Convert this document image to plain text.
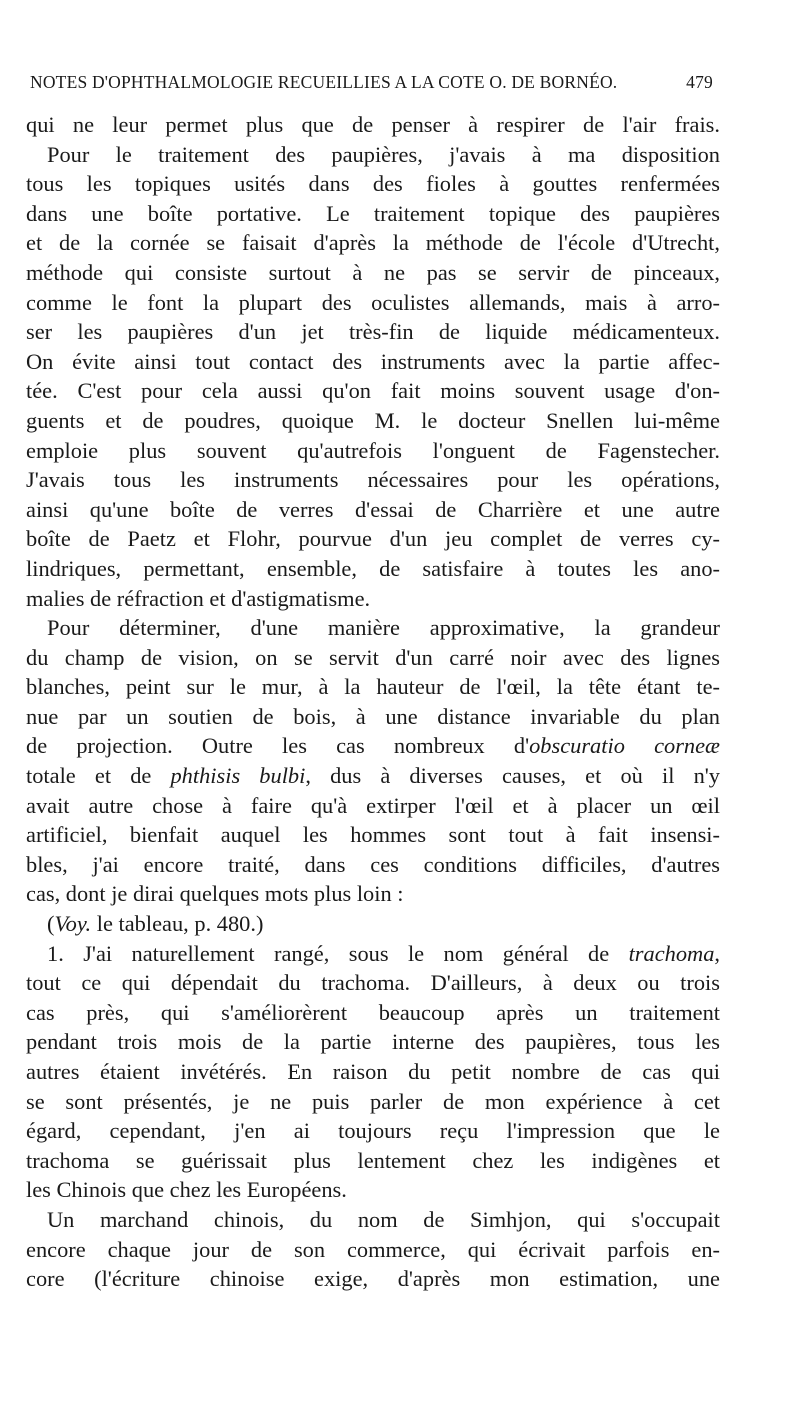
NOTES D'OPHTHALMOLOGIE RECUEILLIES A LA COTE O. DE BORNÉO.	479
qui ne leur permet plus que de penser à respirer de l'air frais.
Pour le traitement des paupières, j'avais à ma disposition
tous les topiques usités dans des fioles à gouttes renfermées
dans une boîte portative. Le traitement topique des paupières
et de la cornée se faisait d'après la méthode de l'école d'Utrecht,
méthode qui consiste surtout à ne pas se servir de pinceaux,
comme le font la plupart des oculistes allemands, mais à arro-
ser les paupières d'un jet très-fin de liquide médicamenteux.
On évite ainsi tout contact des instruments avec la partie affec-
tée. C'est pour cela aussi qu'on fait moins souvent usage d'on-
guents et de poudres, quoique M. le docteur Snellen lui-même
emploie plus souvent qu'autrefois l'onguent de Fagenstecher.
J'avais tous les instruments nécessaires pour les opérations,
ainsi qu'une boîte de verres d'essai de Charrière et une autre
boîte de Paetz et Flohr, pourvue d'un jeu complet de verres cy-
lindriques, permettant, ensemble, de satisfaire à toutes les ano-
malies de réfraction et d'astigmatisme.
Pour déterminer, d'une manière approximative, la grandeur
du champ de vision, on se servit d'un carré noir avec des lignes
blanches, peint sur le mur, à la hauteur de l'œil, la tête étant te-
nue par un soutien de bois, à une distance invariable du plan
de projection. Outre les cas nombreux d'obscuratio corneæ
totale et de phthisis bulbi, dus à diverses causes, et où il n'y
avait autre chose à faire qu'à extirper l'œil et à placer un œil
artificiel, bienfait auquel les hommes sont tout à fait insensi-
bles, j'ai encore traité, dans ces conditions difficiles, d'autres
cas, dont je dirai quelques mots plus loin :
(Voy. le tableau, p. 480.)
1. J'ai naturellement rangé, sous le nom général de trachoma,
tout ce qui dépendait du trachoma. D'ailleurs, à deux ou trois
cas près, qui s'améliorèrent beaucoup après un traitement
pendant trois mois de la partie interne des paupières, tous les
autres étaient invétérés. En raison du petit nombre de cas qui
se sont présentés, je ne puis parler de mon expérience à cet
égard, cependant, j'en ai toujours reçu l'impression que le
trachoma se guérissait plus lentement chez les indigènes et
les Chinois que chez les Européens.
Un marchand chinois, du nom de Simhjon, qui s'occupait
encore chaque jour de son commerce, qui écrivait parfois en-
core (l'écriture chinoise exige, d'après mon estimation, une
